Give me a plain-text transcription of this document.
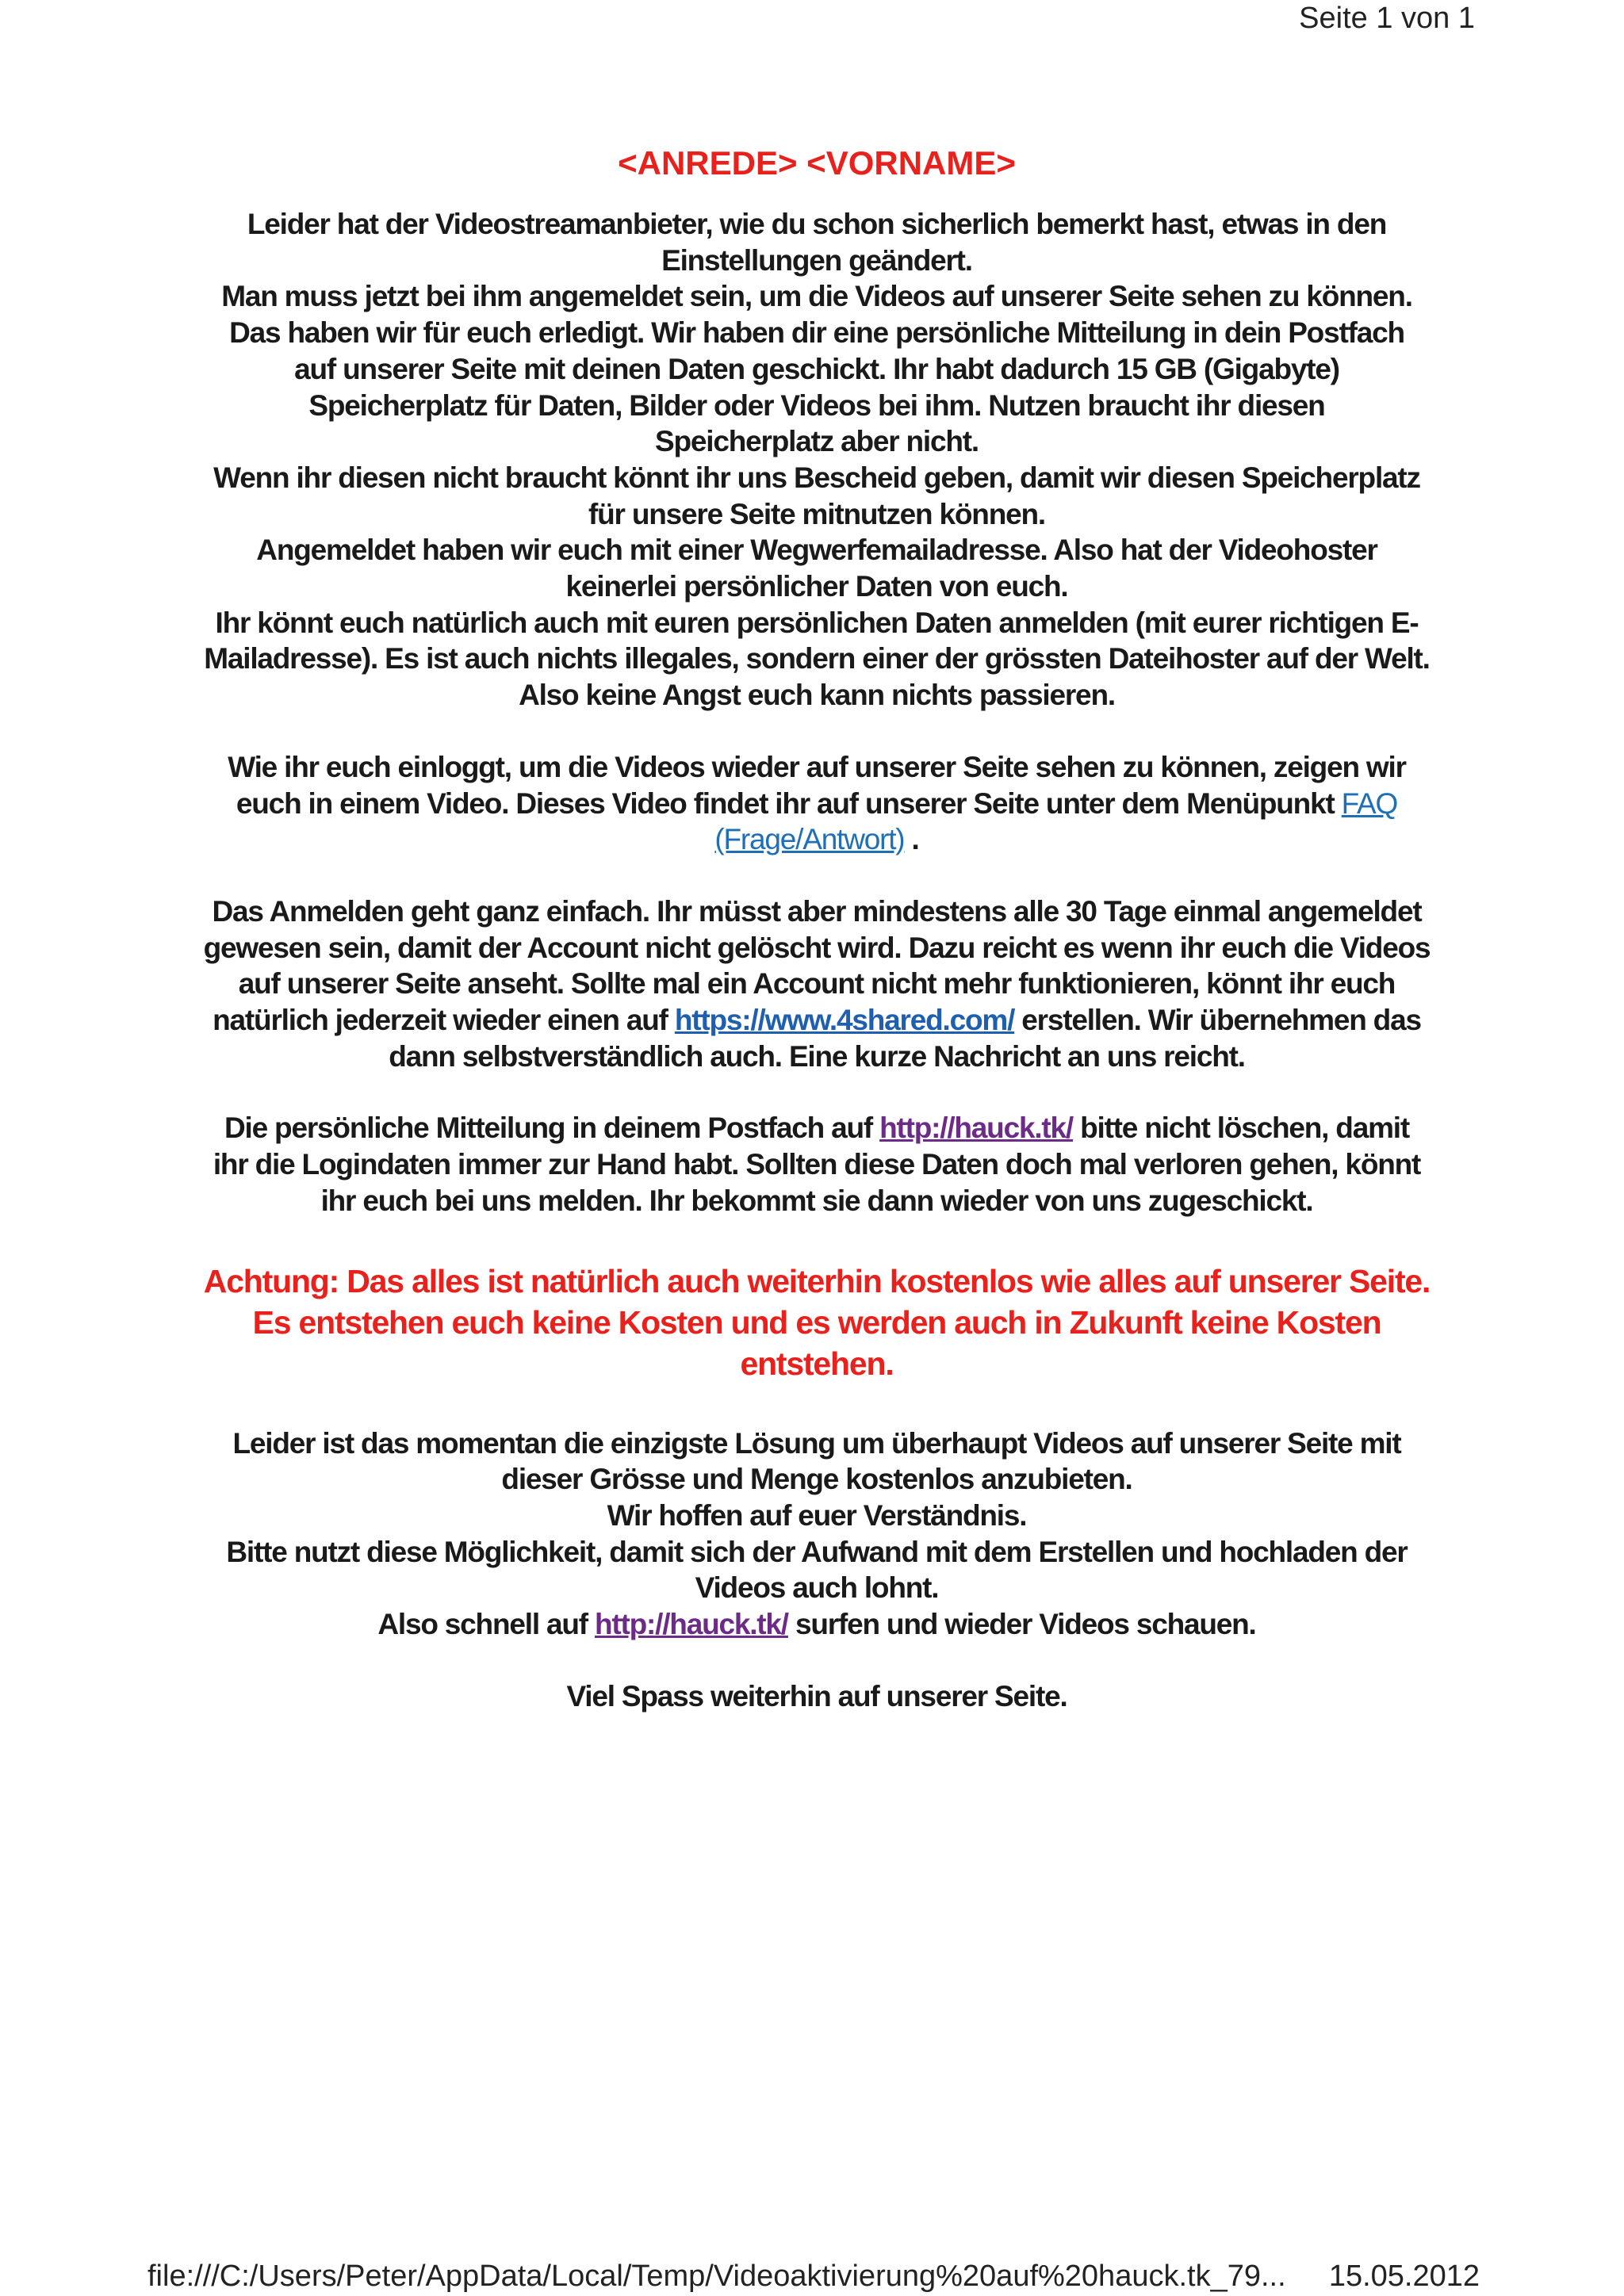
Seite 1 von 1
<ANREDE> <VORNAME>
Leider hat der Videostreamanbieter, wie du schon sicherlich bemerkt hast, etwas in den
Einstellungen geändert.
Man muss jetzt bei ihm angemeldet sein, um die Videos auf unserer Seite sehen zu können.
Das haben wir für euch erledigt. Wir haben dir eine persönliche Mitteilung in dein Postfach
auf unserer Seite mit deinen Daten geschickt. Ihr habt dadurch 15 GB (Gigabyte)
Speicherplatz für Daten, Bilder oder Videos bei ihm. Nutzen braucht ihr diesen
Speicherplatz aber nicht.
Wenn ihr diesen nicht braucht könnt ihr uns Bescheid geben, damit wir diesen Speicherplatz
für unsere Seite mitnutzen können.
Angemeldet haben wir euch mit einer Wegwerfemailadresse. Also hat der Videohoster
keinerlei persönlicher Daten von euch.
Ihr könnt euch natürlich auch mit euren persönlichen Daten anmelden (mit eurer richtigen E-
Mailadresse). Es ist auch nichts illegales, sondern einer der grössten Dateihoster auf der Welt.
Also keine Angst euch kann nichts passieren.
Wie ihr euch einloggt, um die Videos wieder auf unserer Seite sehen zu können, zeigen wir
euch in einem Video. Dieses Video findet ihr auf unserer Seite unter dem Menüpunkt FAQ
(Frage/Antwort) .
Das Anmelden geht ganz einfach. Ihr müsst aber mindestens alle 30 Tage einmal angemeldet
gewesen sein, damit der Account nicht gelöscht wird. Dazu reicht es wenn ihr euch die Videos
auf unserer Seite anseht. Sollte mal ein Account nicht mehr funktionieren, könnt ihr euch
natürlich jederzeit wieder einen auf https://www.4shared.com/ erstellen. Wir übernehmen das
dann selbstverständlich auch. Eine kurze Nachricht an uns reicht.
Die persönliche Mitteilung in deinem Postfach auf http://hauck.tk/ bitte nicht löschen, damit
ihr die Logindaten immer zur Hand habt. Sollten diese Daten doch mal verloren gehen, könnt
ihr euch bei uns melden. Ihr bekommt sie dann wieder von uns zugeschickt.
Achtung: Das alles ist natürlich auch weiterhin kostenlos wie alles auf unserer Seite.
Es entstehen euch keine Kosten und es werden auch in Zukunft keine Kosten
entstehen.
Leider ist das momentan die einzigste Lösung um überhaupt Videos auf unserer Seite mit
dieser Grösse und Menge kostenlos anzubieten.
Wir hoffen auf euer Verständnis.
Bitte nutzt diese Möglichkeit, damit sich der Aufwand mit dem Erstellen und hochladen der
Videos auch lohnt.
Also schnell auf http://hauck.tk/ surfen und wieder Videos schauen.
Viel Spass weiterhin auf unserer Seite.
file:///C:/Users/Peter/AppData/Local/Temp/Videoaktivierung%20auf%20hauck.tk_79... 15.05.2012
